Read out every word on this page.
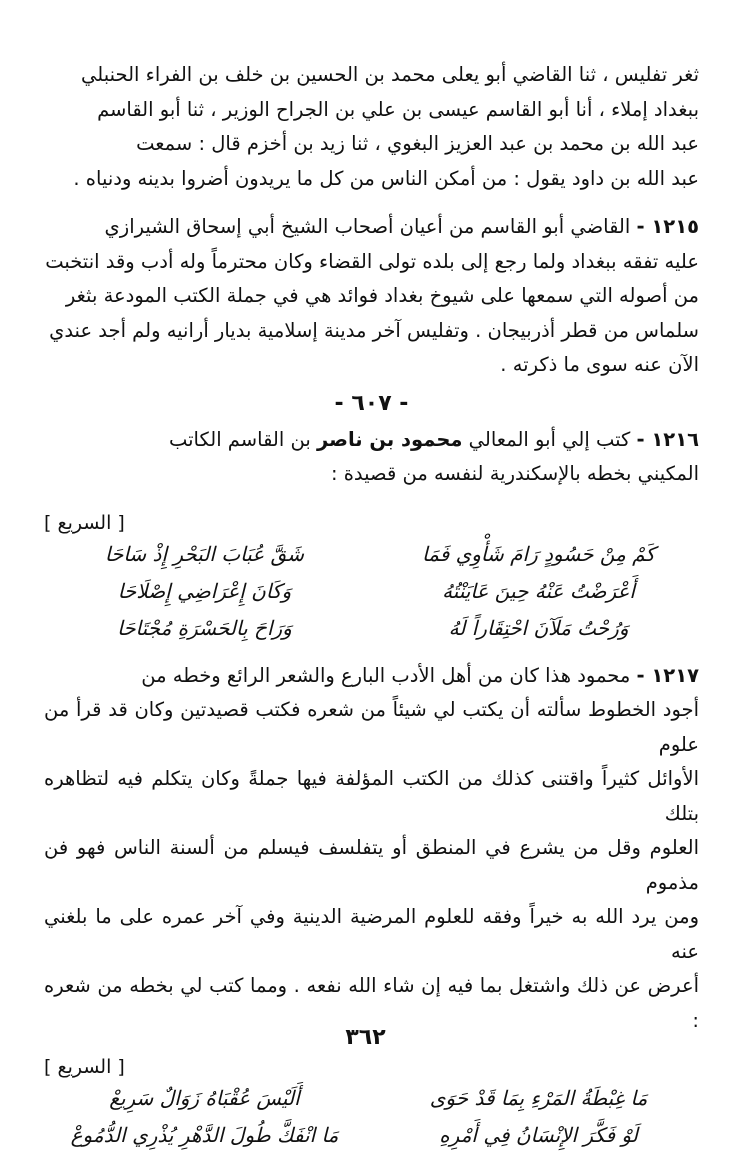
ثغر تفليس ، ثنا القاضي أبو يعلى محمد بن الحسين بن خلف بن الفراء الحنبلي

ببغداد إملاء ، أنا أبو القاسم عيسى بن علي بن الجراح الوزير ، ثنا أبو القاسم

عبد الله بن محمد بن عبد العزيز البغوي ، ثنا زيد بن أخزم قال : سمعت

عبد الله بن داود يقول : من أمكن الناس من كل ما يريدون أضروا بدينه ودنياه .

١٢١٥ - القاضي أبو القاسم من أعيان أصحاب الشيخ أبي إسحاق الشيرازي

عليه تفقه ببغداد ولما رجع إلى بلده تولى القضاء وكان محترماً وله أدب وقد انتخبت

من أصوله التي سمعها على شيوخ بغداد فوائد هي في جملة الكتب المودعة بثغر

سلماس من قطر أذربيجان . وتفليس آخر مدينة إسلامية بديار أرانيه ولم أجد عندي

الآن عنه سوى ما ذكرته .

- ٦٠٧ -

١٢١٦ - كتب إلي أبو المعالي محمود بن ناصر بن القاسم الكاتب

المكيني بخطه بالإسكندرية لنفسه من قصيدة :

[ السريع ]

كَمْ مِنْ حَسُودٍ رَامَ شَأْوِي فَمَا
شَقَّ عُبَابَ البَحْرِ إِذْ سَاحَا
أَعْرَضْتُ عَنْهُ حِينَ عَايَنْتُهُ
وَكَانَ إِعْرَاضِي إِصْلَاحَا
وَرُحْتُ مَلَآنَ احْتِقَاراً لَهُ
وَرَاحَ بِالحَسْرَةِ مُجْتَاحَا

١٢١٧ - محمود هذا كان من أهل الأدب البارع والشعر الرائع وخطه من

أجود الخطوط سألته أن يكتب لي شيئاً من شعره فكتب قصيدتين وكان قد قرأ من علوم

الأوائل كثيراً واقتنى كذلك من الكتب المؤلفة فيها جملةً وكان يتكلم فيه لتظاهره بتلك

العلوم وقل من يشرع في المنطق أو يتفلسف فيسلم من ألسنة الناس فهو فن مذموم

ومن يرد الله به خيراً وفقه للعلوم المرضية الدينية وفي آخر عمره على ما بلغني عنه

أعرض عن ذلك واشتغل بما فيه إن شاء الله نفعه . ومما كتب لي بخطه من شعره :

[ السريع ]

مَا غِبْطَةُ المَرْءِ بِمَا قَدْ حَوَى
أَلَيْسَ عُقْبَاهُ زَوَالٌ سَرِيعْ
لَوْ فَكَّرَ الإِنْسَانُ فِي أَمْرِهِ
مَا انْفَكَّ طُولَ الدَّهْرِ يُذْرِي الدُّمُوعْ
٣٦٢
